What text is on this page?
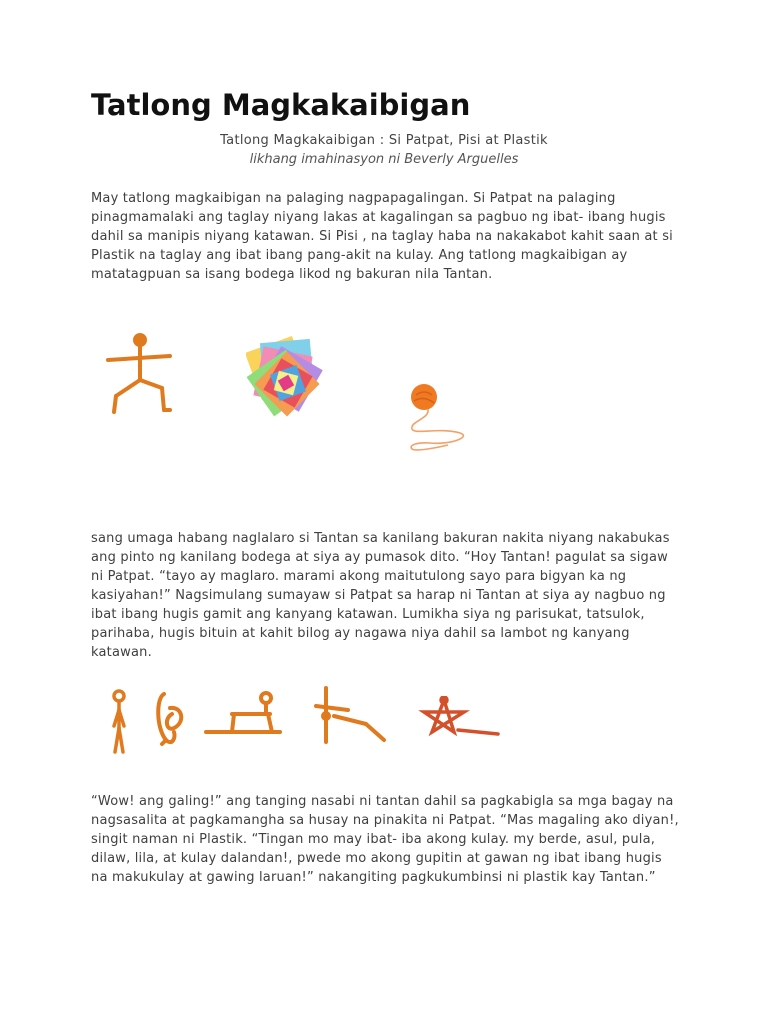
Tatlong Magkakaibigan
Tatlong Magkakaibigan : Si Patpat, Pisi at Plastik
likhang imahinasyon ni Beverly Arguelles

May tatlong magkaibigan na palaging nagpapagalingan. Si Patpat na palaging pinagmamalaki ang taglay niyang lakas at kagalingan sa pagbuo ng ibat- ibang hugis dahil sa manipis niyang katawan. Si Pisi , na taglay haba na nakakabot kahit saan at si Plastik na taglay ang ibat ibang pang-akit na kulay. Ang tatlong magkaibigan ay matatagpuan sa isang bodega likod ng bakuran nila Tantan.

sang umaga habang naglalaro si Tantan sa kanilang bakuran nakita niyang nakabukas ang pinto ng kanilang bodega at siya ay pumasok dito. “Hoy Tantan! pagulat sa sigaw ni Patpat. “tayo ay maglaro. marami akong maitutulong sayo para bigyan ka ng kasiyahan!” Nagsimulang sumayaw si Patpat sa harap ni Tantan at siya ay nagbuo ng ibat ibang hugis gamit ang kanyang katawan. Lumikha siya ng parisukat, tatsulok, parihaba, hugis bituin at kahit bilog ay nagawa niya dahil sa lambot ng kanyang katawan.

“Wow! ang galing!” ang tanging nasabi ni tantan dahil sa pagkabigla sa mga bagay na nagsasalita at pagkamangha sa husay na pinakita ni Patpat. “Mas magaling ako diyan!, singit naman ni Plastik. “Tingan mo may ibat- iba akong kulay. my berde, asul, pula, dilaw, lila, at kulay dalandan!, pwede mo akong gupitin at gawan ng ibat ibang hugis na makukulay at gawing laruan!” nakangiting pagkukumbinsi ni plastik kay Tantan.”
